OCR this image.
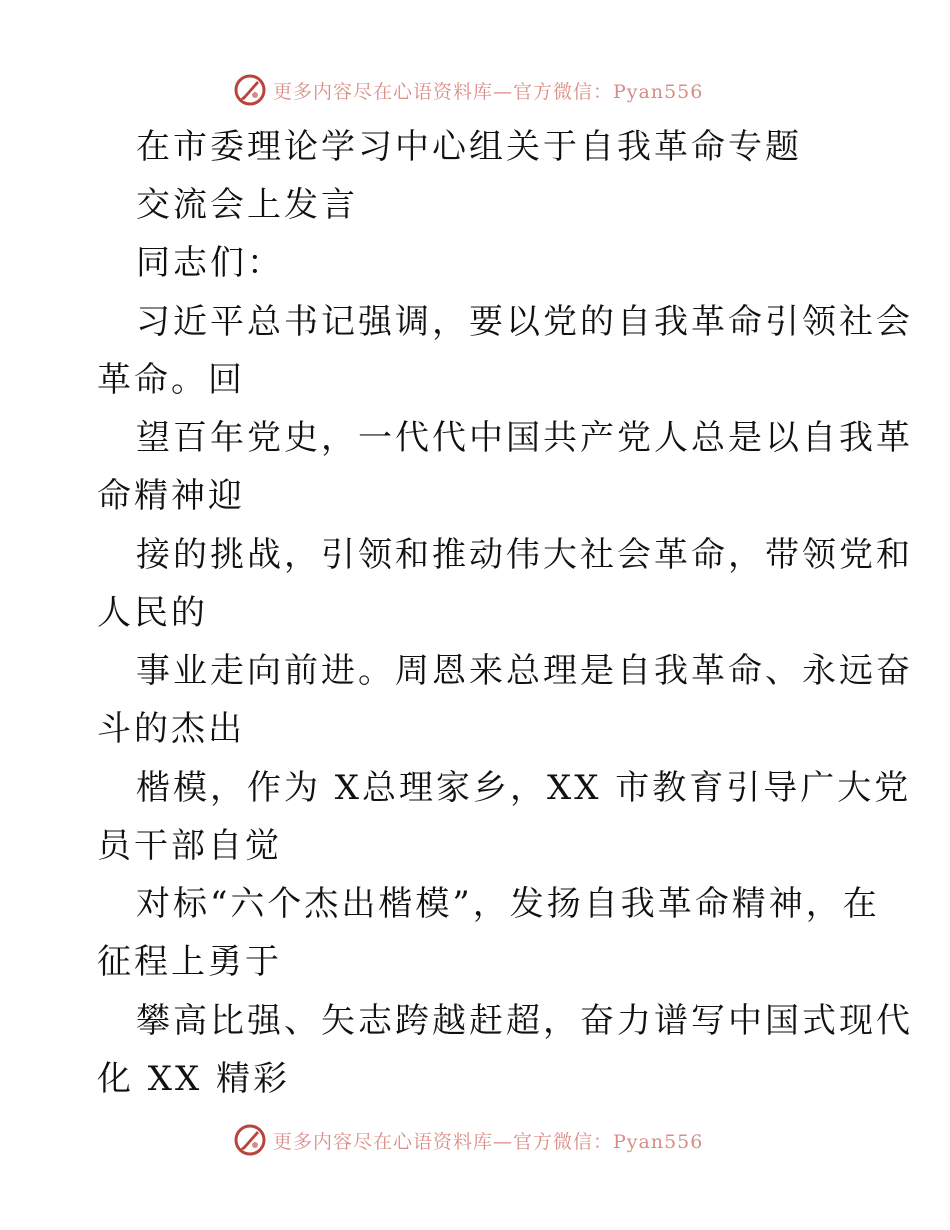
更多内容尽在心语资料库—官方微信：Pyan556
在市委理论学习中心组关于自我革命专题
交流会上发言
同志们：
习近平总书记强调，要以党的自我革命引领社会
革命。回
望百年党史，一代代中国共产党人总是以自我革
命精神迎
接的挑战，引领和推动伟大社会革命，带领党和
人民的
事业走向前进。周恩来总理是自我革命、永远奋
斗的杰出
楷模，作为 X总理家乡，XX 市教育引导广大党
员干部自觉
对标“六个杰出楷模”，发扬自我革命精神，在
征程上勇于
攀高比强、矢志跨越赶超，奋力谱写中国式现代
化 XX 精彩
更多内容尽在心语资料库—官方微信：Pyan556
